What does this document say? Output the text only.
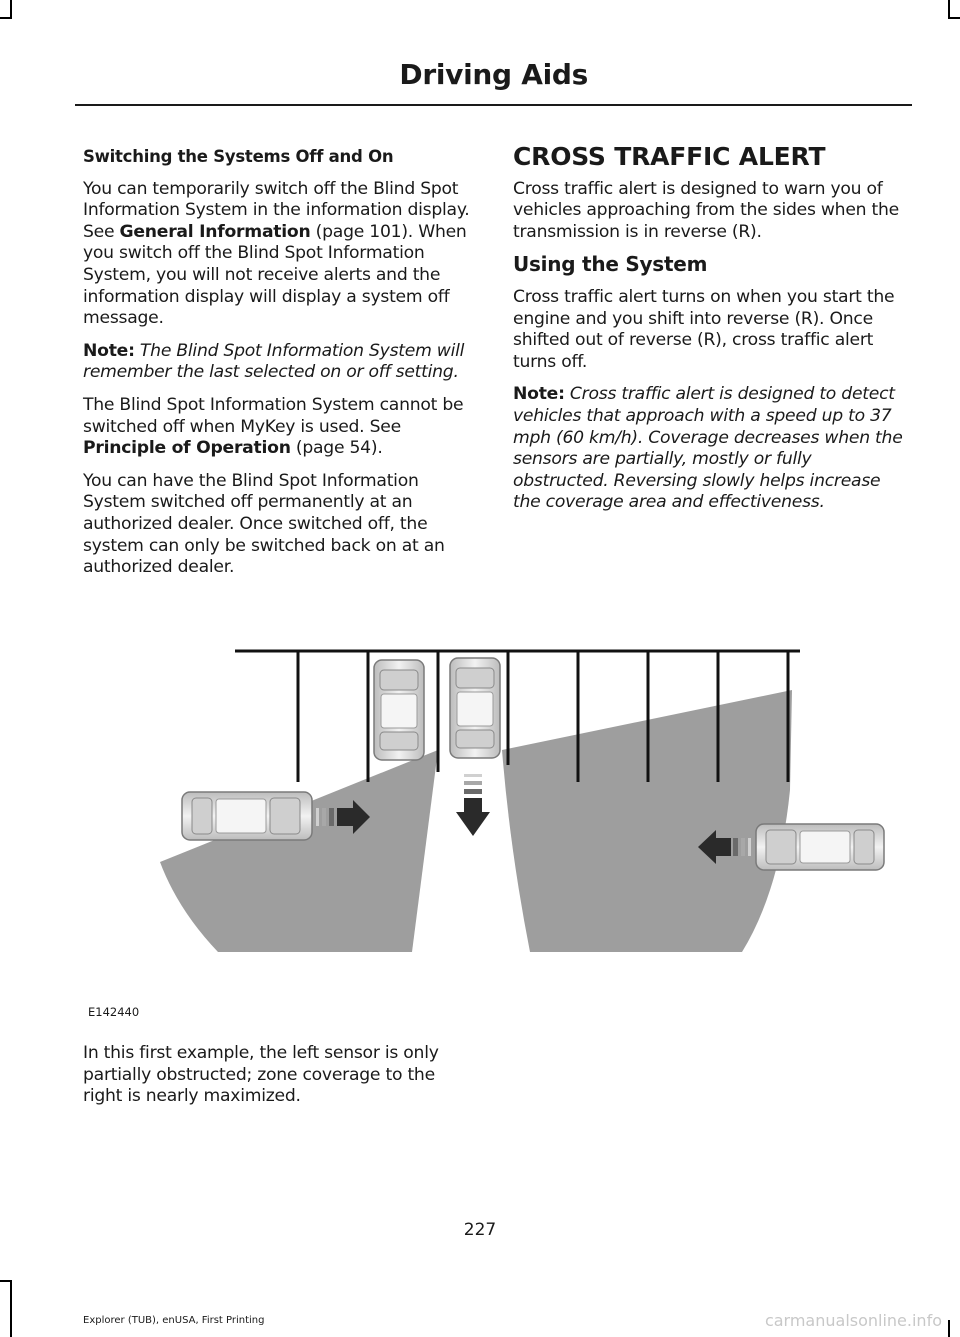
Driving Aids

Switching the Systems Off and On

You can temporarily switch off the Blind Spot Information System in the information display. See General Information (page 101). When you switch off the Blind Spot Information System, you will not receive alerts and the information display will display a system off message.

Note: The Blind Spot Information System will remember the last selected on or off setting.

The Blind Spot Information System cannot be switched off when MyKey is used. See Principle of Operation (page 54).

You can have the Blind Spot Information System switched off permanently at an authorized dealer. Once switched off, the system can only be switched back on at an authorized dealer.

CROSS TRAFFIC ALERT

Cross traffic alert is designed to warn you of vehicles approaching from the sides when the transmission is in reverse (R).

Using the System

Cross traffic alert turns on when you start the engine and you shift into reverse (R). Once shifted out of reverse (R), cross traffic alert turns off.

Note: Cross traffic alert is designed to detect vehicles that approach with a speed up to 37 mph (60 km/h). Coverage decreases when the sensors are partially, mostly or fully obstructed. Reversing slowly helps increase the coverage area and effectiveness.

E142440
In this first example, the left sensor is only partially obstructed; zone coverage to the right is nearly maximized.
227
Explorer (TUB), enUSA, First Printing	carmanualsonline.info
